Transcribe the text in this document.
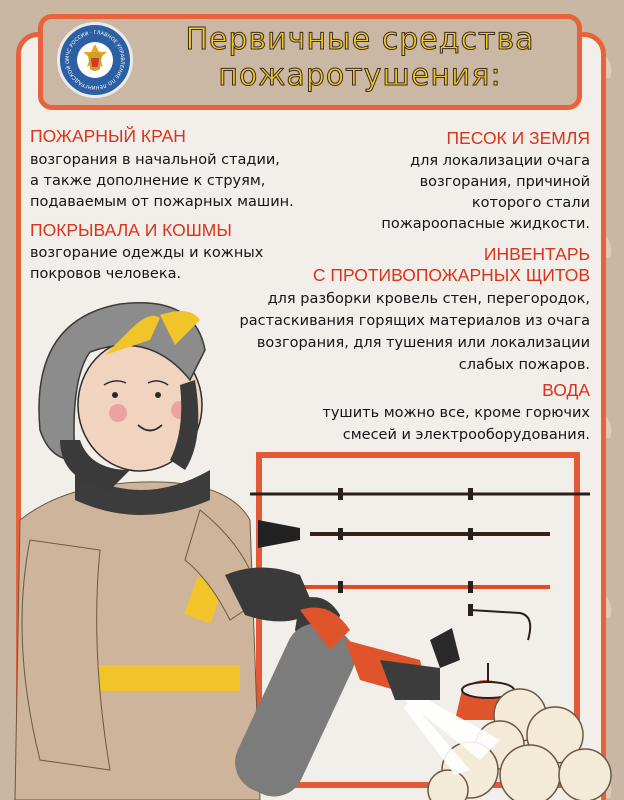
МЧС РОССИИ · ГЛАВНОЕ УПРАВЛЕНИЕ ПО ЛЕНИНГРАДСКОЙ О
Первичные средства
пожаротушения:
ПОЖАРНЫЙ КРАН
возгорания в начальной стадии,
а также дополнение к струям,
подаваемым от пожарных машин.
ПОКРЫВАЛА И КОШМЫ
возгорание одежды и кожных
покровов человека.
ПЕСОК И ЗЕМЛЯ
для локализации очага
возгорания, причиной
которого стали
пожароопасные жидкости.
ИНВЕНТАРЬ
С ПРОТИВОПОЖАРНЫХ ЩИТОВ
для разборки кровель стен, перегородок,
растаскивания горящих материалов из очага
возгорания, для тушения или локализации
слабых пожаров.
ВОДА
тушить можно все, кроме горючих
смесей и электрооборудования.
